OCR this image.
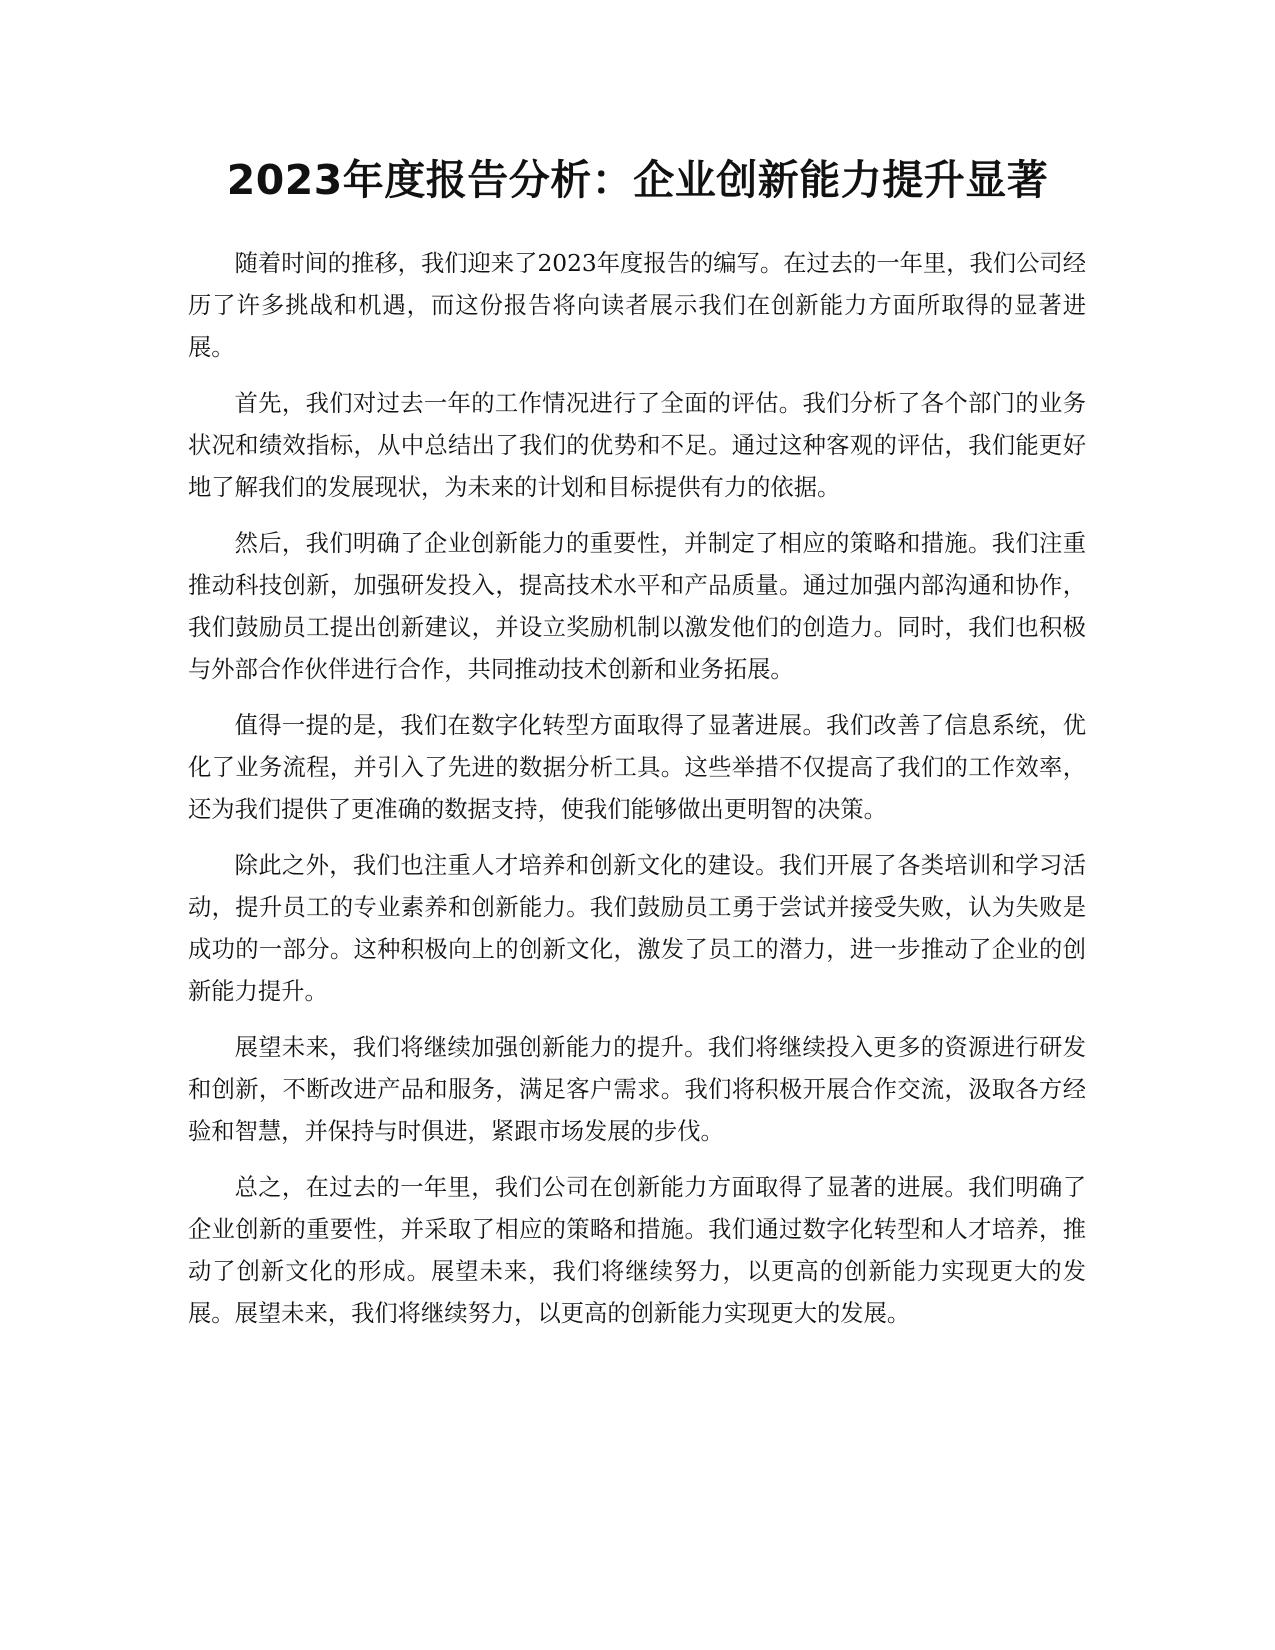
2023年度报告分析：企业创新能力提升显著

随着时间的推移，我们迎来了2023年度报告的编写。在过去的一年里，我们公司经历了许多挑战和机遇，而这份报告将向读者展示我们在创新能力方面所取得的显著进展。

首先，我们对过去一年的工作情况进行了全面的评估。我们分析了各个部门的业务状况和绩效指标，从中总结出了我们的优势和不足。通过这种客观的评估，我们能更好地了解我们的发展现状，为未来的计划和目标提供有力的依据。

然后，我们明确了企业创新能力的重要性，并制定了相应的策略和措施。我们注重推动科技创新，加强研发投入，提高技术水平和产品质量。通过加强内部沟通和协作，我们鼓励员工提出创新建议，并设立奖励机制以激发他们的创造力。同时，我们也积极与外部合作伙伴进行合作，共同推动技术创新和业务拓展。

值得一提的是，我们在数字化转型方面取得了显著进展。我们改善了信息系统，优化了业务流程，并引入了先进的数据分析工具。这些举措不仅提高了我们的工作效率，还为我们提供了更准确的数据支持，使我们能够做出更明智的决策。

除此之外，我们也注重人才培养和创新文化的建设。我们开展了各类培训和学习活动，提升员工的专业素养和创新能力。我们鼓励员工勇于尝试并接受失败，认为失败是成功的一部分。这种积极向上的创新文化，激发了员工的潜力，进一步推动了企业的创新能力提升。

展望未来，我们将继续加强创新能力的提升。我们将继续投入更多的资源进行研发和创新，不断改进产品和服务，满足客户需求。我们将积极开展合作交流，汲取各方经验和智慧，并保持与时俱进，紧跟市场发展的步伐。

总之，在过去的一年里，我们公司在创新能力方面取得了显著的进展。我们明确了企业创新的重要性，并采取了相应的策略和措施。我们通过数字化转型和人才培养，推动了创新文化的形成。展望未来，我们将继续努力，以更高的创新能力实现更大的发展。展望未来，我们将继续努力，以更高的创新能力实现更大的发展。
